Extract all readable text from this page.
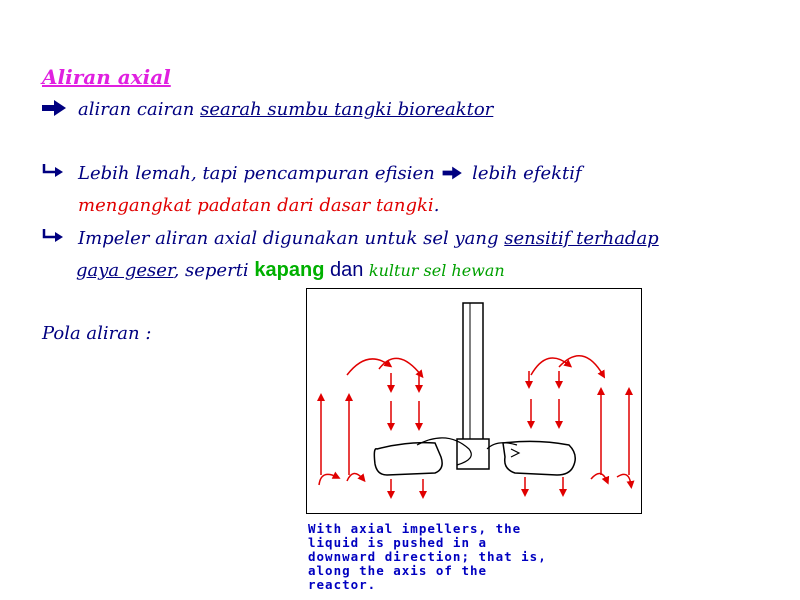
Aliran axial
aliran cairan searah sumbu tangki bioreaktor
Lebih lemah, tapi pencampuran efisien  lebih efektif
mengangkat padatan dari dasar tangki.
Impeler aliran axial digunakan untuk sel yang sensitif terhadap
gaya geser, seperti kapang dan kultur sel hewan
Pola aliran :
With axial impellers, the
liquid is pushed in a
downward direction; that is,
along the axis of the
reactor.
